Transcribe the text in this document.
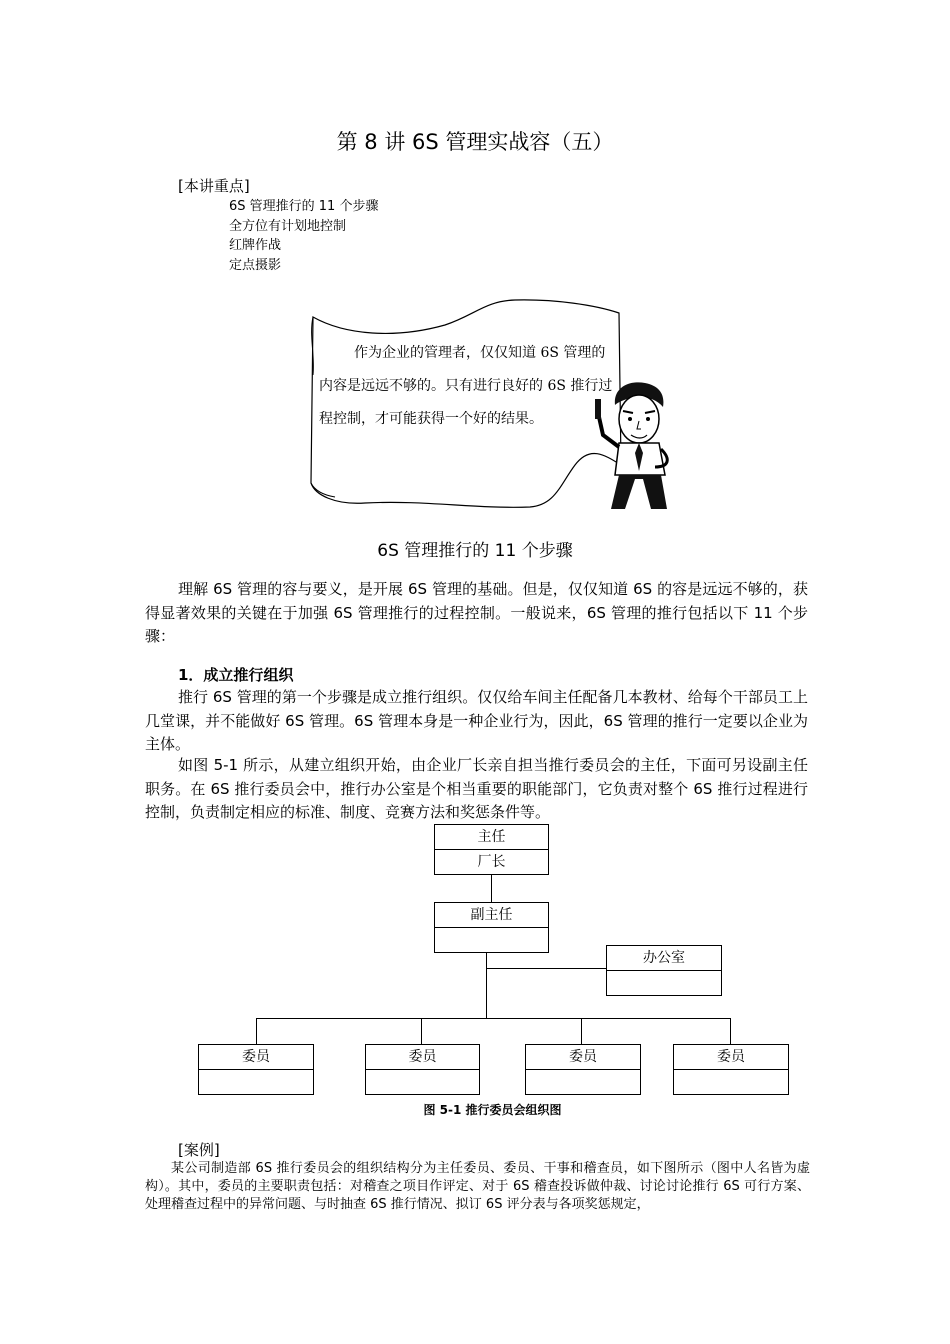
第 8 讲 6S 管理实战容（五）
[本讲重点]
6S 管理推行的 11 个步骤
全方位有计划地控制
红牌作战
定点摄影

作为企业的管理者，仅仅知道 6S 管理的内容是远远不够的。只有进行良好的 6S 推行过程控制，才可能获得一个好的结果。

6S 管理推行的 11 个步骤

理解 6S 管理的容与要义，是开展 6S 管理的基础。但是，仅仅知道 6S 的容是远远不够的，获得显著效果的关键在于加强 6S 管理推行的过程控制。一般说来，6S 管理的推行包括以下 11 个步骤：

1．成立推行组织

推行 6S 管理的第一个步骤是成立推行组织。仅仅给车间主任配备几本教材、给每个干部员工上几堂课，并不能做好 6S 管理。6S 管理本身是一种企业行为，因此，6S 管理的推行一定要以企业为主体。

如图 5-1 所示，从建立组织开始，由企业厂长亲自担当推行委员会的主任，下面可另设副主任职务。在 6S 推行委员会中，推行办公室是个相当重要的职能部门，它负责对整个 6S 推行过程进行控制，负责制定相应的标准、制度、竞赛方法和奖惩条件等。

主任
厂长
副主任
办公室
委员	委员	委员	委员
图 5-1 推行委员会组织图
[案例]

某公司制造部 6S 推行委员会的组织结构分为主任委员、委员、干事和稽查员，如下图所示（图中人名皆为虚构）。其中，委员的主要职责包括：对稽查之项目作评定、对于 6S 稽查投诉做仲裁、讨论讨论推行 6S 可行方案、处理稽查过程中的异常问题、与时抽查 6S 推行情况、拟订 6S 评分表与各项奖惩规定，
